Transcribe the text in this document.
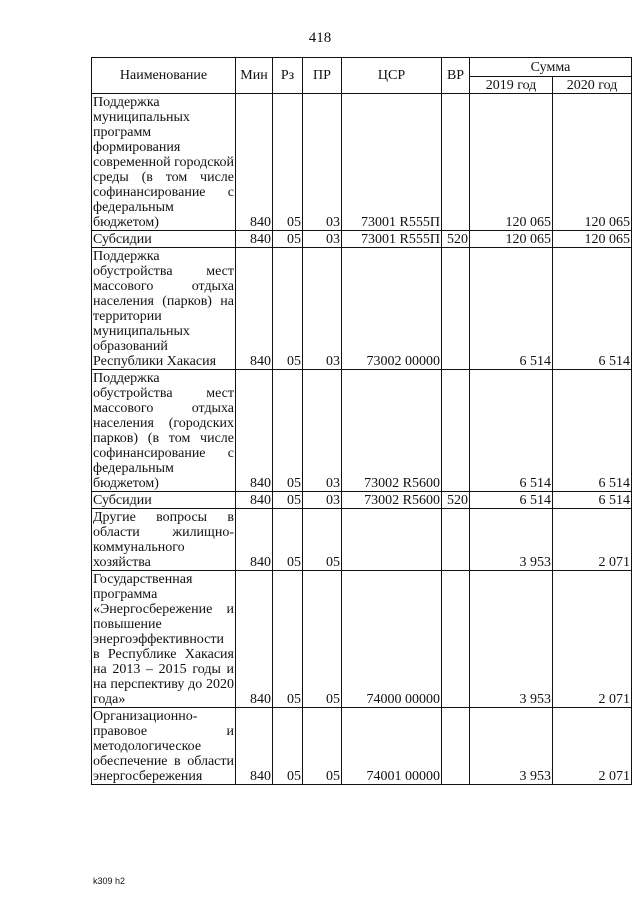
418
Наименование	Мин	Рз	ПР	ЦСР	ВР	Сумма	
						2019 год	2020 год
Поддержка муниципальных программ формирования современной городской среды (в том числе софинансирование с федеральным бюджетом)	840	05	03	73001 R555П		120 065	120 065
Субсидии	840	05	03	73001 R555П	520	120 065	120 065
Поддержка обустройства мест массового отдыха населения (парков) на территории муниципальных образований Республики Хакасия	840	05	03	73002 00000		6 514	6 514
Поддержка обустройства мест массового отдыха населения (городских парков) (в том числе софинансирование с федеральным бюджетом)	840	05	03	73002 R5600		6 514	6 514
Субсидии	840	05	03	73002 R5600	520	6 514	6 514
Другие вопросы в области жилищно-коммунального хозяйства	840	05	05			3 953	2 071
Государственная программа «Энергосбережение и повышение энергоэффективности в Республике Хакасия на 2013 – 2015 годы и на перспективу до 2020 года»	840	05	05	74000 00000		3 953	2 071
Организационно-правовое и методологическое обеспечение в области энергосбережения	840	05	05	74001 00000		3 953	2 071
k309 h2
